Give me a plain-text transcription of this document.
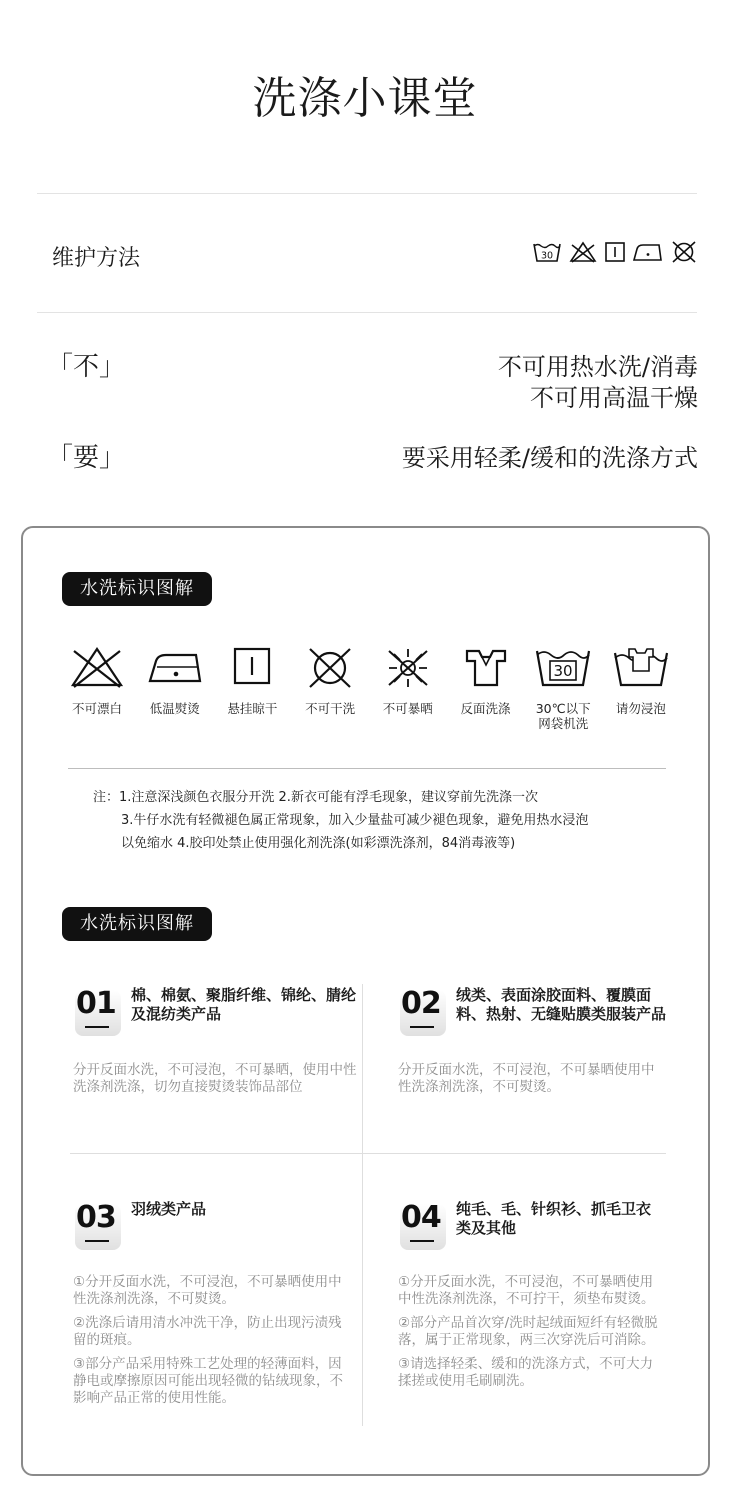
洗涤小课堂
维护方法	30
「不」	不可用热水洗/消毒
不可用高温干燥
「要」	要采用轻柔/缓和的洗涤方式
水洗标识图解
不可漂白 低温熨烫 悬挂晾干 不可干洗 不可暴晒 反面洗涤
30
30℃以下
网袋机洗
请勿浸泡
注：1.注意深浅颜色衣服分开洗 2.新衣可能有浮毛现象，建议穿前先洗涤一次
3.牛仔水洗有轻微褪色属正常现象，加入少量盐可减少褪色现象，避免用热水浸泡
以免缩水 4.胶印处禁止使用强化剂洗涤(如彩漂洗涤剂，84消毒液等)
水洗标识图解
01 棉、棉氨、聚脂纤维、锦纶、腈纶及混纺类产品

分开反面水洗，不可浸泡，不可暴晒，使用中性洗涤剂洗涤，切勿直接熨烫装饰品部位

02 绒类、表面涂胶面料、覆膜面料、热射、无缝贴膜类服装产品

分开反面水洗，不可浸泡，不可暴晒使用中性洗涤剂洗涤，不可熨烫。

03 羽绒类产品

①分开反面水洗，不可浸泡，不可暴晒使用中性洗涤剂洗涤，不可熨烫。

②洗涤后请用清水冲洗干净，防止出现污渍残留的斑痕。

③部分产品采用特殊工艺处理的轻薄面料，因静电或摩擦原因可能出现轻微的钻绒现象，不影响产品正常的使用性能。

04 纯毛、毛、针织衫、抓毛卫衣类及其他

①分开反面水洗，不可浸泡，不可暴晒使用中性洗涤剂洗涤，不可拧干，须垫布熨烫。

②部分产品首次穿/洗时起绒面短纤有轻微脱落，属于正常现象，两三次穿洗后可消除。

③请选择轻柔、缓和的洗涤方式，不可大力揉搓或使用毛刷刷洗。
